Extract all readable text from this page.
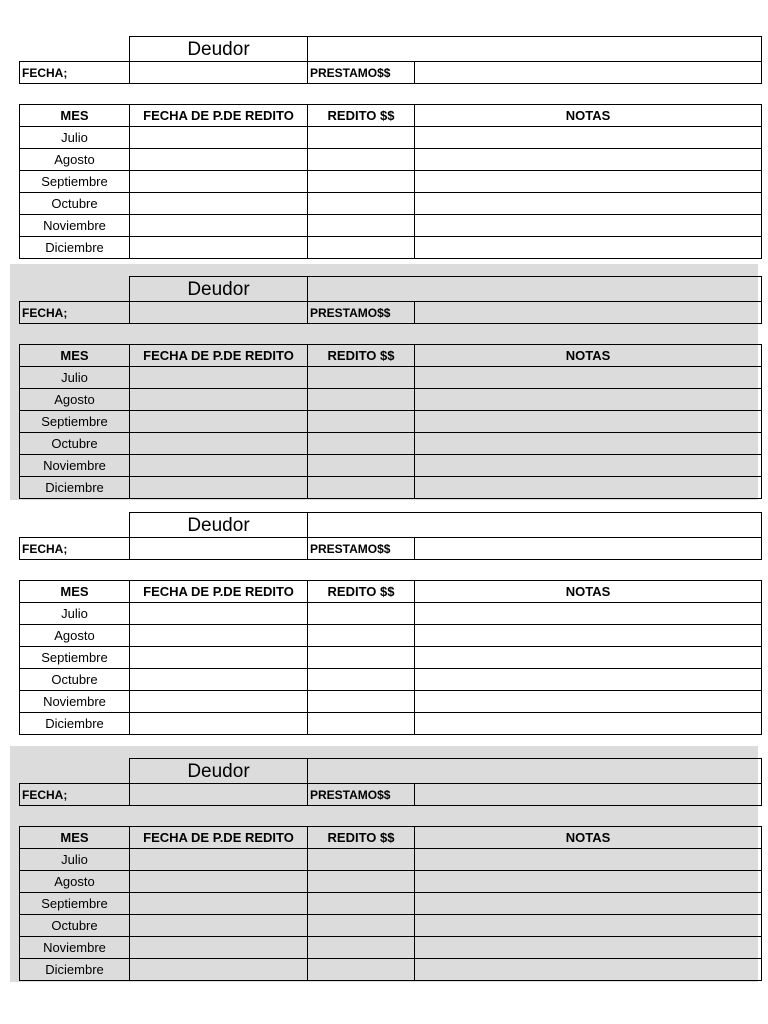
	Deudor		
FECHA;		PRESTAMO$$	
MES	FECHA DE P.DE REDITO	REDITO $$	NOTAS
Julio			
Agosto			
Septiembre			
Octubre			
Noviembre			
Diciembre			
	Deudor		
FECHA;		PRESTAMO$$	
MES	FECHA DE P.DE REDITO	REDITO $$	NOTAS
Julio			
Agosto			
Septiembre			
Octubre			
Noviembre			
Diciembre			
	Deudor		
FECHA;		PRESTAMO$$	
MES	FECHA DE P.DE REDITO	REDITO $$	NOTAS
Julio			
Agosto			
Septiembre			
Octubre			
Noviembre			
Diciembre			
	Deudor		
FECHA;		PRESTAMO$$	
MES	FECHA DE P.DE REDITO	REDITO $$	NOTAS
Julio			
Agosto			
Septiembre			
Octubre			
Noviembre			
Diciembre			
